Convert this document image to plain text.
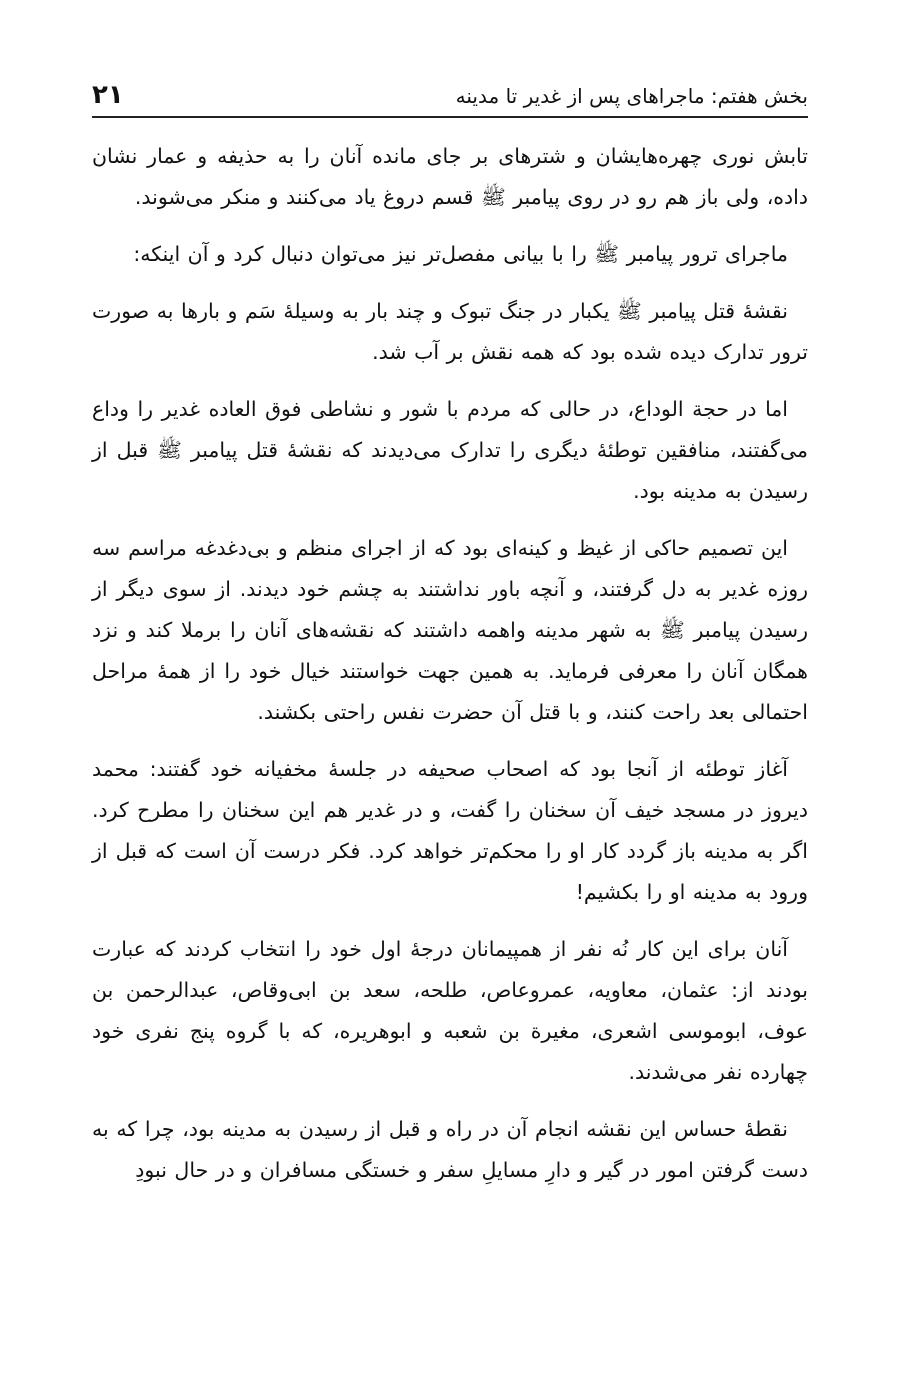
بخش هفتم: ماجراهای پس از غدیر تا مدینه
۲۱

تابش نوری چهره‌هایشان و شترهای بر جای مانده آنان را به حذیفه و عمار نشان داده، ولی باز هم رو در روی پیامبر ﷺ قسم دروغ یاد می‌کنند و منکر می‌شوند.

ماجرای ترور پیامبر ﷺ را با بیانی مفصل‌تر نیز می‌توان دنبال کرد و آن اینکه:

نقشهٔ قتل پیامبر ﷺ یکبار در جنگ تبوک و چند بار به وسیلهٔ سَم و بارها به صورت ترور تدارک دیده شده بود که همه نقش بر آب شد.

اما در حجة الوداع، در حالی که مردم با شور و نشاطی فوق العاده غدیر را وداع می‌گفتند، منافقین توطئهٔ دیگری را تدارک می‌دیدند که نقشهٔ قتل پیامبر ﷺ قبل از رسیدن به مدینه بود.

این تصمیم حاکی از غیظ و کینه‌ای بود که از اجرای منظم و بی‌دغدغه مراسم سه روزه غدیر به دل گرفتند، و آنچه باور نداشتند به چشم خود دیدند. از سوی دیگر از رسیدن پیامبر ﷺ به شهر مدینه واهمه داشتند که نقشه‌های آنان را برملا کند و نزد همگان آنان را معرفی فرماید. به همین جهت خواستند خیال خود را از همهٔ مراحل احتمالی بعد راحت کنند، و با قتل آن حضرت نفس راحتی بکشند.

آغاز توطئه از آنجا بود که اصحاب صحیفه در جلسهٔ مخفیانه خود گفتند: محمد دیروز در مسجد خیف آن سخنان را گفت، و در غدیر هم این سخنان را مطرح کرد. اگر به مدینه باز گردد کار او را محکم‌تر خواهد کرد. فکر درست آن است که قبل از ورود به مدینه او را بکشیم!

آنان برای این کار نُه نفر از همپیمانان درجهٔ اول خود را انتخاب کردند که عبارت بودند از: عثمان، معاویه، عمروعاص، طلحه، سعد بن ابی‌وقاص، عبدالرحمن بن عوف، ابوموسی اشعری، مغیرة بن شعبه و ابوهریره، که با گروه پنج نفری خود چهارده نفر می‌شدند.

نقطهٔ حساس این نقشه انجام آن در راه و قبل از رسیدن به مدینه بود، چرا که به دست گرفتن امور در گیر و دارِ مسایلِ سفر و خستگی مسافران و در حال نبودِ
